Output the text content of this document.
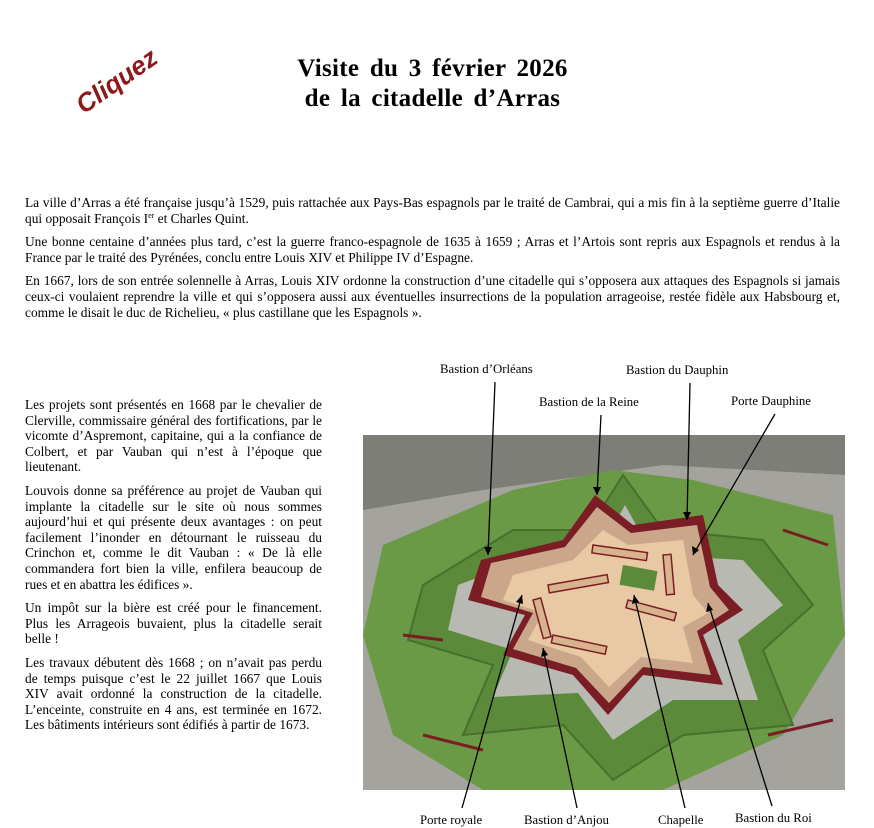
Cliquez	Visite du 3 février 2026
de la citadelle d’Arras

La ville d’Arras a été française jusqu’à 1529, puis rattachée aux Pays-Bas espagnols par le traité de Cambrai, qui a mis fin à la septième guerre d’Italie qui opposait François Ier et Charles Quint.

Une bonne centaine d’années plus tard, c’est la guerre franco-espagnole de 1635 à 1659 ; Arras et l’Artois sont repris aux Espagnols et rendus à la France par le traité des Pyrénées, conclu entre Louis XIV et Philippe IV d’Espagne.

En 1667, lors de son entrée solennelle à Arras, Louis XIV ordonne la construction d’une citadelle qui s’opposera aux attaques des Espagnols si jamais ceux-ci voulaient reprendre la ville et qui s’opposera aussi aux éventuelles insurrections de la population arrageoise, restée fidèle aux Habsbourg et, comme le disait le duc de Richelieu, « plus castillane que les Espagnols ».

Les projets sont présentés en 1668 par le chevalier de Clerville, commissaire général des fortifications, par le vicomte d’Aspremont, capitaine, qui a la confiance de Colbert, et par Vauban qui n’est à l’époque que lieutenant.

Louvois donne sa préférence au projet de Vauban qui implante la citadelle sur le site où nous sommes aujourd’hui et qui présente deux avantages : on peut facilement l’inonder en détournant le ruisseau du Crinchon et, comme le dit Vauban : « De là elle commandera fort bien la ville, enfilera beaucoup de rues et en abattra les édifices ».

Un impôt sur la bière est créé pour le financement. Plus les Arrageois buvaient, plus la citadelle serait belle !

Les travaux débutent dès 1668 ; on n’avait pas perdu de temps puisque c’est le 22 juillet 1667 que Louis XIV avait ordonné la construction de la citadelle. L’enceinte, construite en 4 ans, est terminée en 1672. Les bâtiments intérieurs sont édifiés à partir de 1673.

Bastion d’Orléans	Bastion du Dauphin
Bastion de la Reine	Porte Dauphine
Porte royale	Bastion d’Anjou	Chapelle Bastion du Roi
